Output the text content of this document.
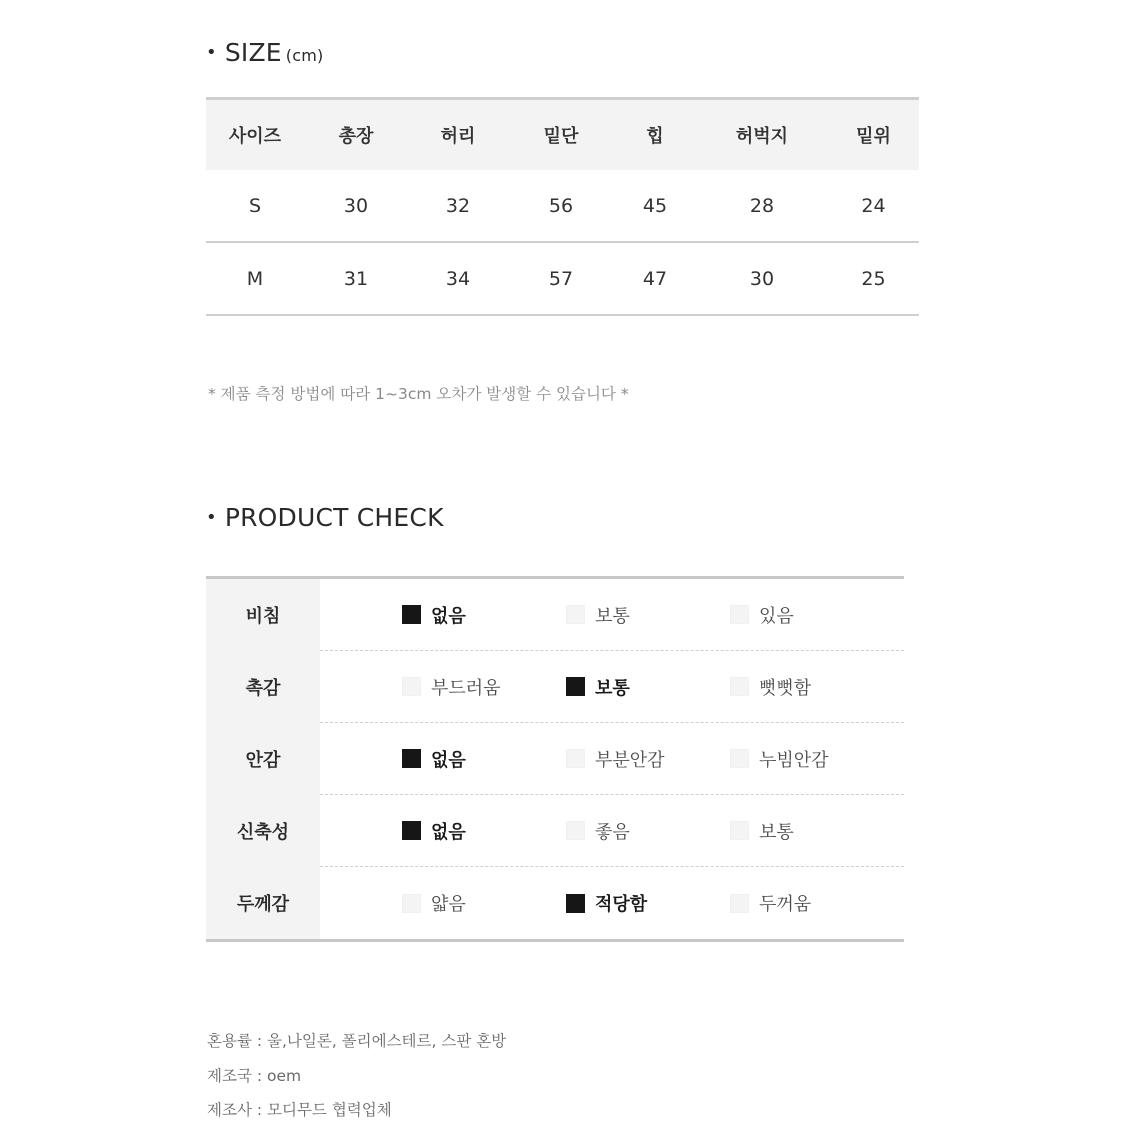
• SIZE (cm)
사이즈	총장	허리	밑단	힙	허벅지	밑위
S	30	32	56	45	28	24
M	31	34	57	47	30	25
* 제품 측정 방법에 따라 1~3cm 오차가 발생할 수 있습니다 *
• PRODUCT CHECK
비침	없음	보통	있음
촉감	부드러움	보통	뻣뻣함
안감	없음	부분안감	누빔안감
신축성	없음	좋음	보통
두께감	얇음	적당함	두꺼움
혼용률 : 울,나일론, 폴리에스테르, 스판 혼방
제조국 : oem
제조사 : 모디무드 협력업체
